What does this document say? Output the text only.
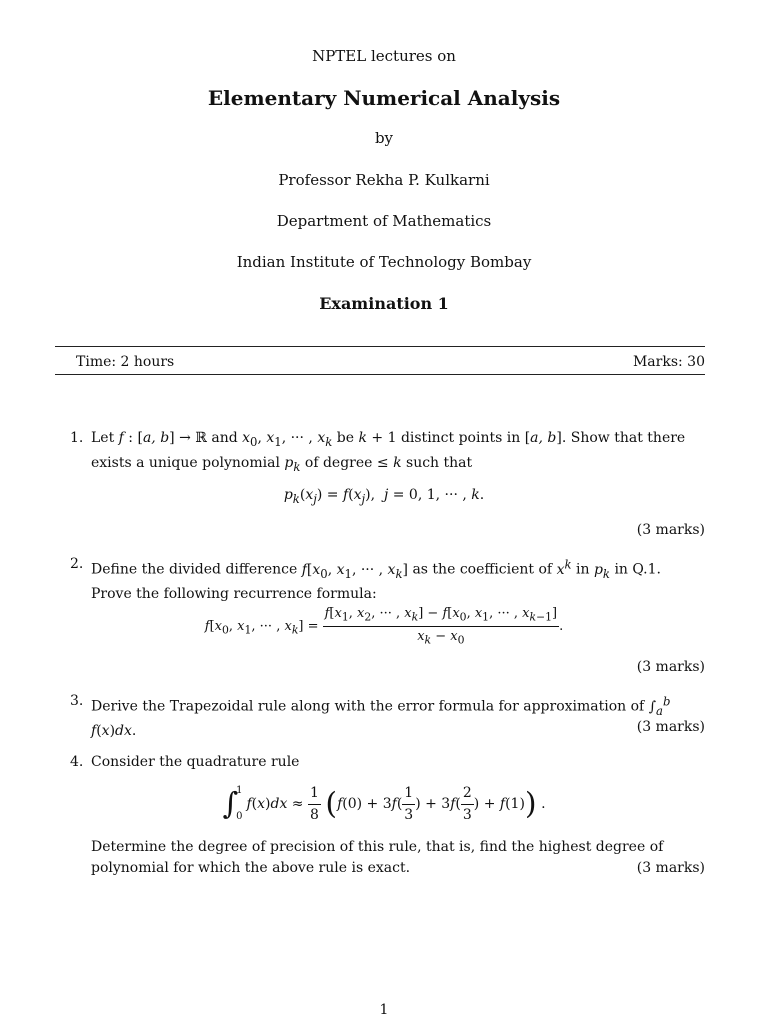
NPTEL lectures on
Elementary Numerical Analysis
by
Professor Rekha P. Kulkarni
Department of Mathematics
Indian Institute of Technology Bombay
Examination 1
Time: 2 hours	Marks: 30
1. Let f : [a, b] → ℝ and $x_0$, $x_1$, ··· , $x_k$ be k + 1 distinct points in [a, b]. Show that there exists a unique polynomial $p_k$ of degree ≤ k such that
$p_k(x_j) = f(x_j)$,  j = 0, 1, ··· , k.
(3 marks)
2. Define the divided difference $f[x_0$, $x_1$, ··· , $x_k$] as the coefficient of $x^k$ in $p_k$ in Q.1. Prove the following recurrence formula:
$f[x_0$, $x_1$, ··· , $x_k] = \frac{f[x_1, x_2, \cdot\cdot\cdot , x_k] - f[x_0, x_1, \cdot\cdot\cdot , x_{k-1}]}{x_k - x_0}$ .
(3 marks)
3. Derive the Trapezoidal rule along with the error formula for approximation of $\int_a^b$ f(x)dx.	(3 marks)
4. Consider the quadrature rule
∫
1
0
$f(x)dx \approx \frac{1}{8} (f(0) + 3f( \frac{1}{3}$ ) + $3f( \frac{2}{3}$ ) + f(1)) .
Determine the degree of precision of this rule, that is, find the highest degree of polynomial for which the above rule is exact.	(3 marks)
1
